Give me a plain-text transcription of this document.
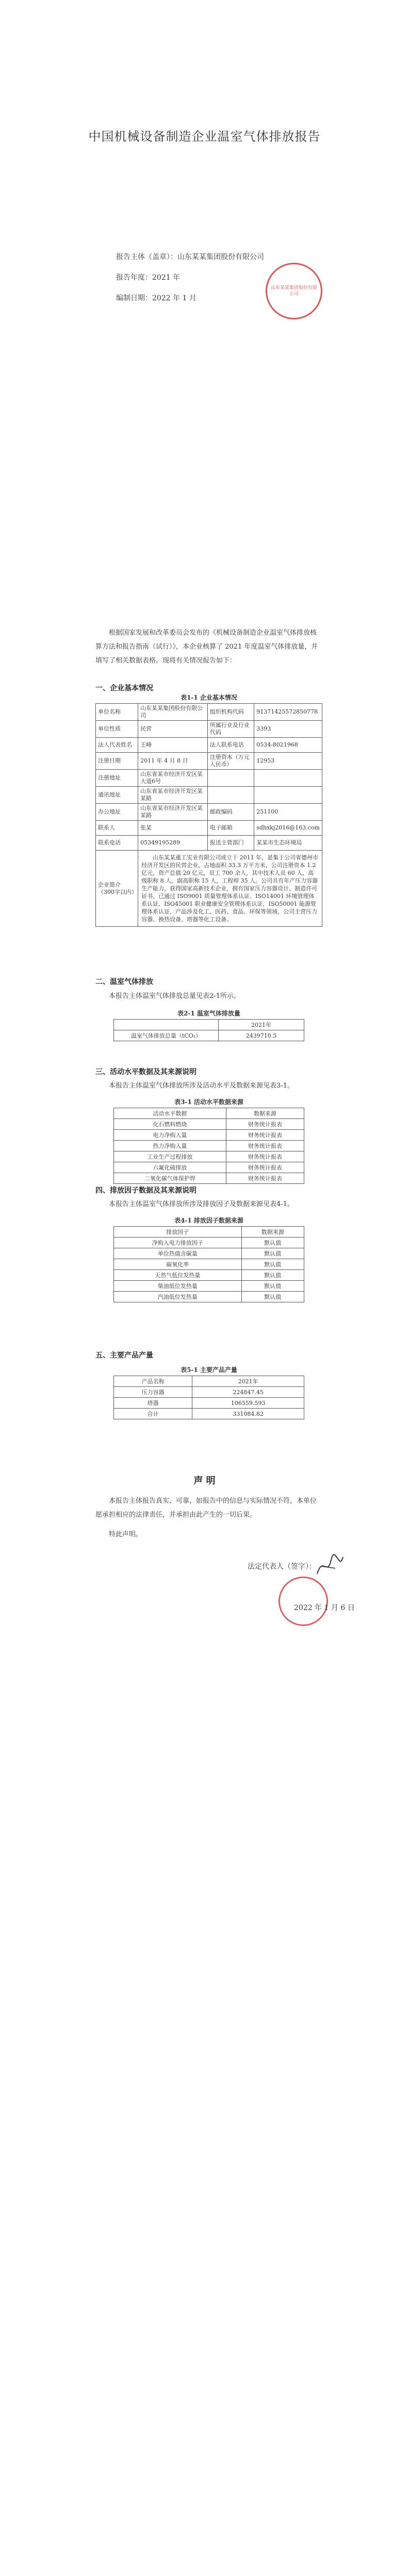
中国机械设备制造企业温室气体排放报告
报告主体（盖章）：山东某某集团股份有限公司
报告年度：2021 年
编制日期：2022 年 1 月
山东某某集团股份有限公司
根据国家发展和改革委员会发布的《机械设备制造企业温室气体排放核算方法和报告指南（试行）》，本企业核算了 2021 年度温室气体排放量，并填写了相关数据表格。现将有关情况报告如下：
一、企业基本情况
表1-1 企业基本情况
单位名称	山东某某集团股份有限公司	组织机构代码	91371425572850778
单位性质	民营	所属行业及行业代码	3393
法人代表姓名	王峰	法人联系电话	0534-8021968
注册日期	2011 年 4 月 8 日	注册资本（万元人民币）	12953
注册地址	山东省某市经济开发区某大道6号		
通讯地址	山东省某市经济开发区某某路		
办公地址	山东省某市经济开发区某某路	邮政编码	251100
联系人	张某	电子邮箱	sdhxkj2016@163.com
联系电话	05349195289	报送主管部门	某某市生态环境局
企业简介（300字以内）	山东某某重工实业有限公司成立于 2011 年，是集于公司省德州市经济开发区的民营企业，占地面积 33.3 万平方米，公司注册资本 1.2 亿元，资产总值 20 亿元，员工 700 余人，其中技术人员 60 人，高级职称 8 人，副高职称 15 人，工程师 35 人。公司具有年产压力容器生产能力，获得国家高新技术企业，拥有国家压力容器设计、制造许可证书，已通过 ISO9001 质量管理体系认证、ISO14001 环境管理体系认证、ISO45001 职业健康安全管理体系认证，ISO50001 能源管理体系认证，产品涉及化工、医药、食品、环保等领域，公司主营压力容器、换热设备、塔器等化工设备。		
二、温室气体排放
本报告主体温室气体排放总量见表2-1所示。
表2-1 温室气体排放量
	2021年
温室气体排放总量（tCO₂）	2439710.5
三、活动水平数据及其来源说明
本报告主体温室气体排放所涉及活动水平及数据来源见表3-1。
表3-1 活动水平数据来源
活动水平数据	数据来源
化石燃料燃烧	财务统计报表
电力净购入量	财务统计报表
热力净购入量	财务统计报表
工业生产过程排放	财务统计报表
六氟化硫排放	财务统计报表
二氧化碳气体保护焊	财务统计报表
四、排放因子数据及其来源说明
本报告主体温室气体排放所涉及排放因子及数据来源见表4-1。
表4-1 排放因子数据来源
排放因子	数据来源
净购入电力排放因子	默认值
单位热值含碳量	默认值
碳氧化率	默认值
天然气低位发热量	默认值
柴油低位发热量	默认值
汽油低位发热量	默认值
五、主要产品产量
表5-1 主要产品产量
产品名称	2021年
压力容器	224847.45
塔器	106559.593
合计	331084.82
声 明
本报告主体报告真实、可靠，如报告中的信息与实际情况不符，本单位愿承担相应的法律责任，并承担由此产生的一切后果。
特此声明。
法定代表人（签字）：
2022 年 1 月 6 日
